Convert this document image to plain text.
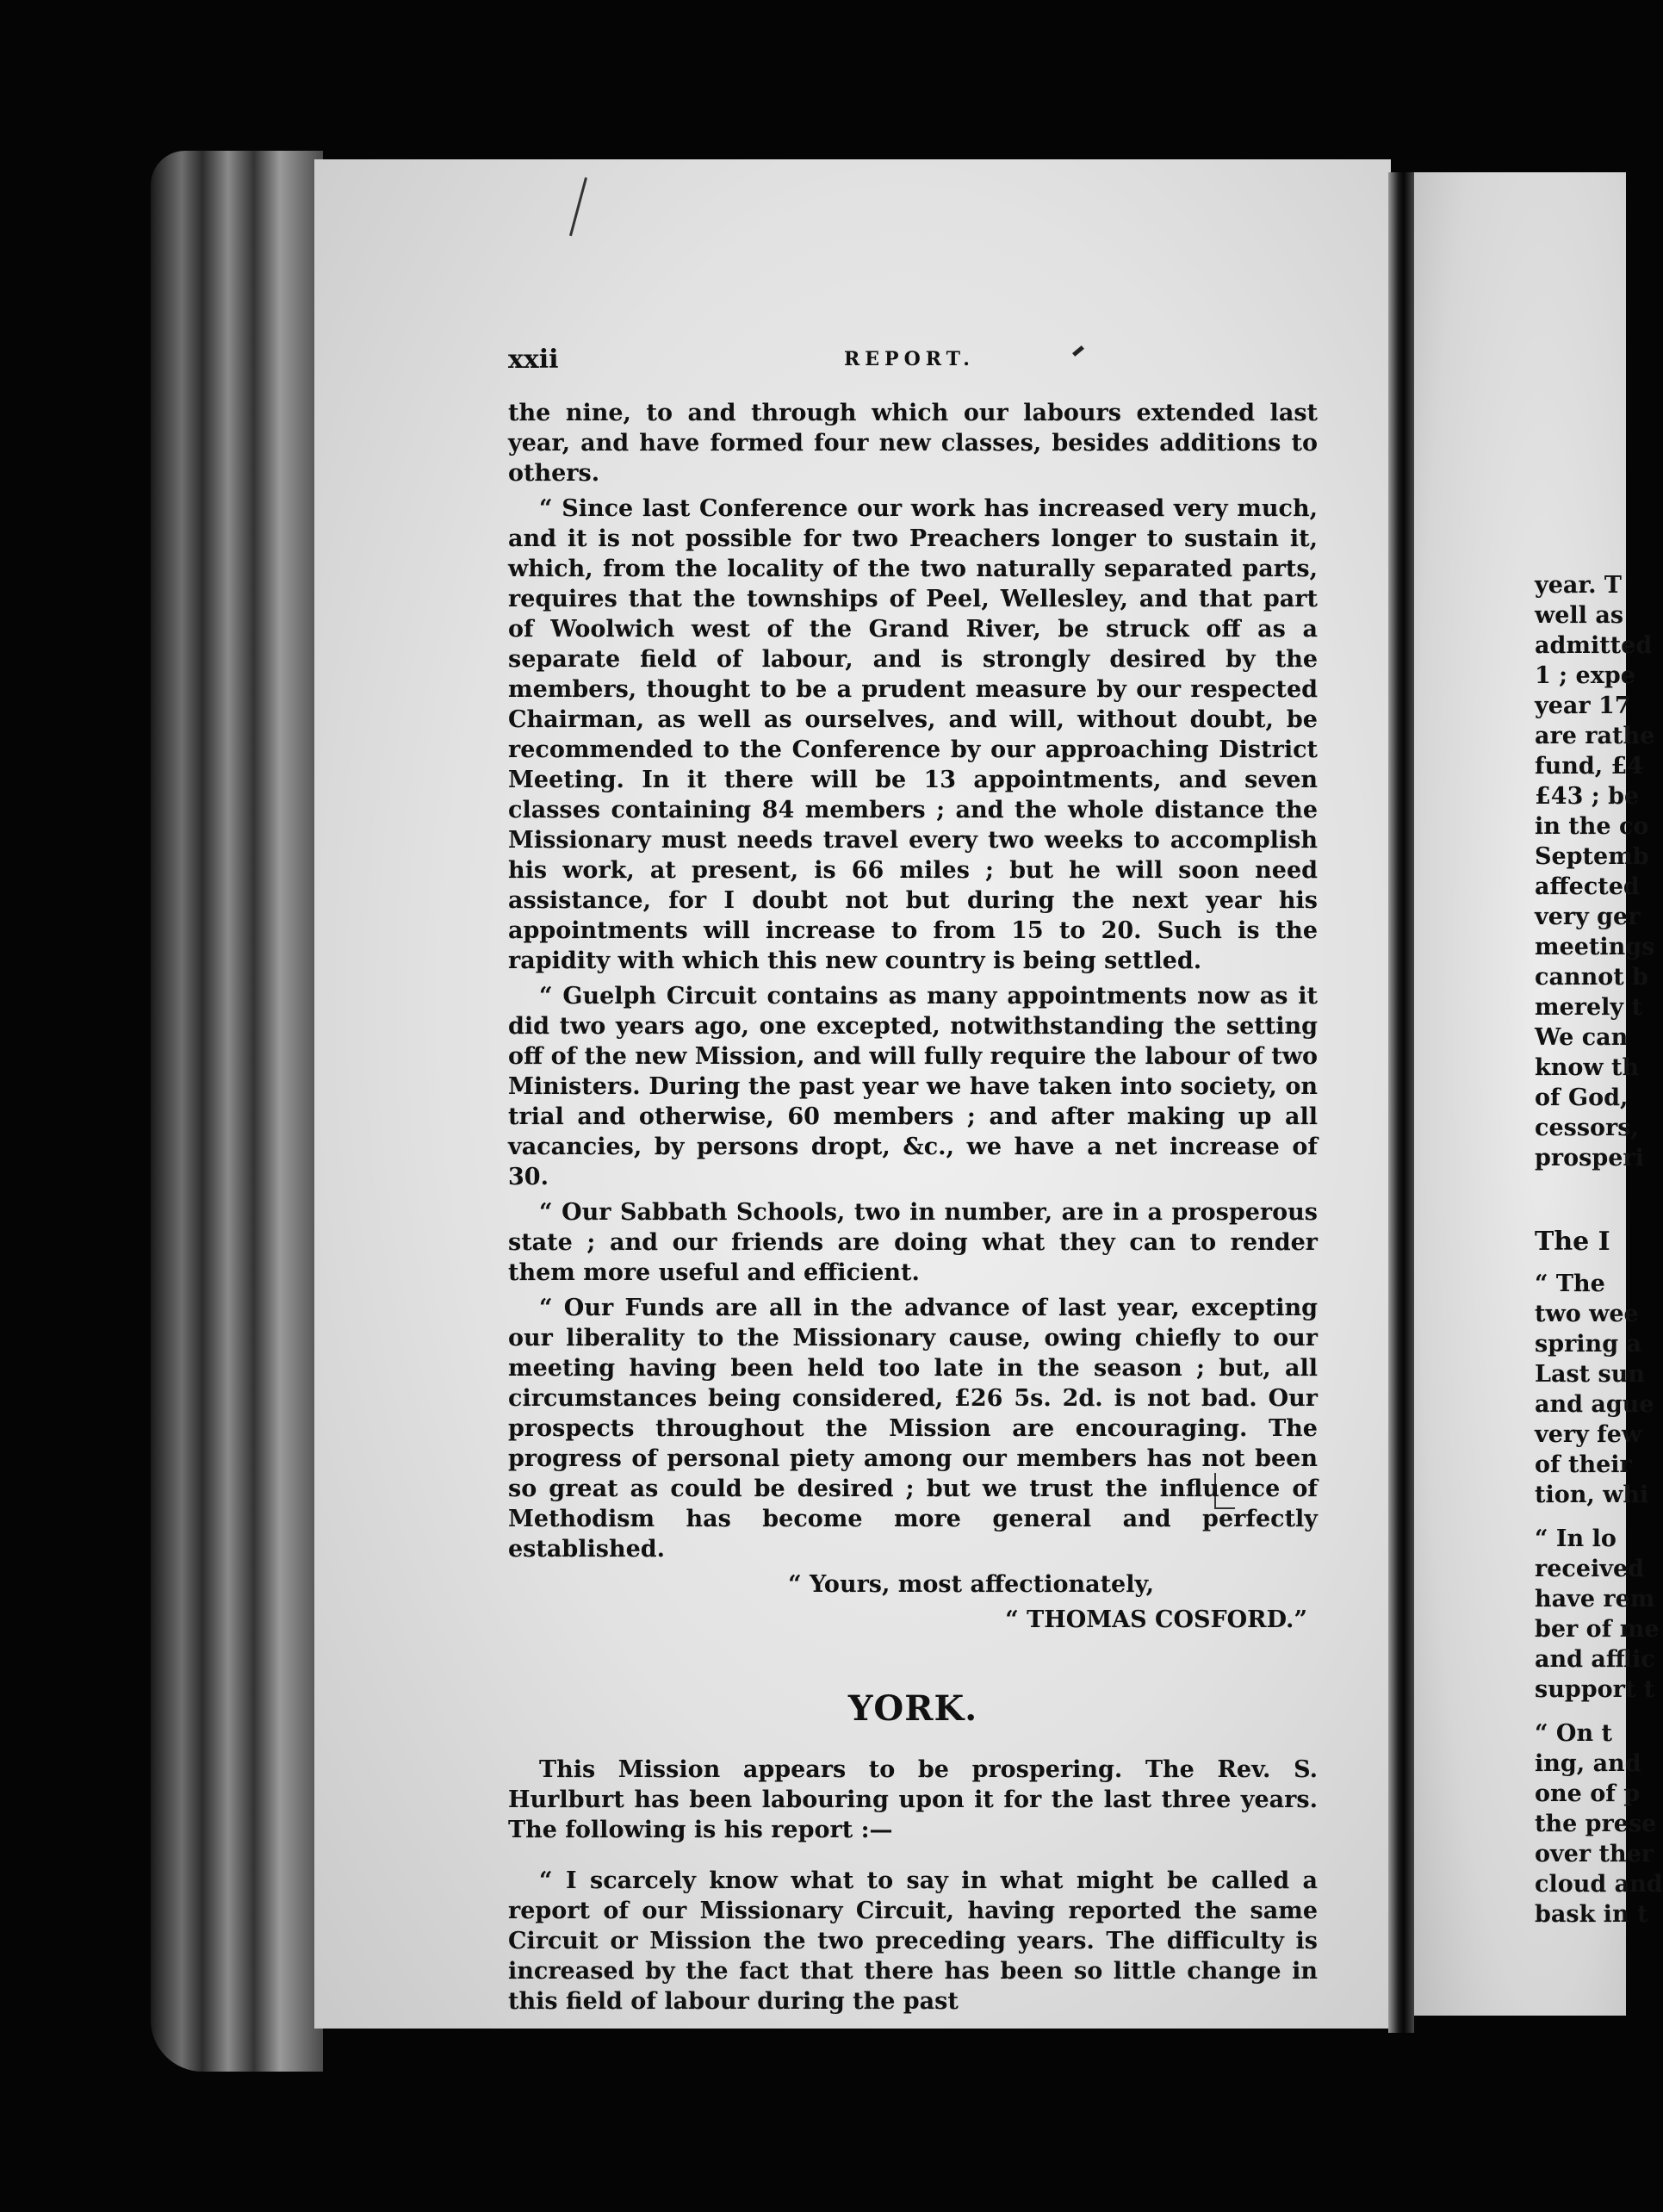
year. T
well as
admitted
1 ; expe
year 17
are rathe
fund, £4
£43 ; be
in the co
Septemb
affected
very ger
meetings
cannot b
merely t
We can
know th
of God,
cessors,
prosperi
The I
“ The
two wee
spring a
Last sun
and ague
very few
of their
tion, whi
“ In lo
received
have rem
ber of me
and afflic
support t
“ On t
ing, and
one of p
the prese
over ther
cloud and
bask in t
xxii	REPORT.

the nine, to and through which our labours extended last year, and have formed four new classes, besides additions to others.

“ Since last Conference our work has increased very much, and it is not possible for two Preachers longer to sustain it, which, from the locality of the two naturally separated parts, requires that the townships of Peel, Wellesley, and that part of Woolwich west of the Grand River, be struck off as a separate field of labour, and is strongly desired by the members, thought to be a prudent measure by our respected Chairman, as well as ourselves, and will, without doubt, be recommended to the Conference by our approaching District Meeting. In it there will be 13 appointments, and seven classes containing 84 members ; and the whole distance the Missionary must needs travel every two weeks to accomplish his work, at present, is 66 miles ; but he will soon need assistance, for I doubt not but during the next year his appointments will increase to from 15 to 20. Such is the rapidity with which this new country is being settled.

“ Guelph Circuit contains as many appointments now as it did two years ago, one excepted, notwithstanding the setting off of the new Mission, and will fully require the labour of two Ministers. During the past year we have taken into society, on trial and otherwise, 60 members ; and after making up all vacancies, by persons dropt, &c., we have a net increase of 30.

“ Our Sabbath Schools, two in number, are in a prosperous state ; and our friends are doing what they can to render them more useful and efficient.

“ Our Funds are all in the advance of last year, excepting our liberality to the Missionary cause, owing chiefly to our meeting having been held too late in the season ; but, all circumstances being considered, £26 5s. 2d. is not bad. Our prospects throughout the Mission are encouraging. The progress of personal piety among our members has not been so great as could be desired ; but we trust the influence of Methodism has become more general and perfectly established.

“ Yours, most affectionately,

“ THOMAS COSFORD.”

YORK.

This Mission appears to be prospering. The Rev. S. Hurlburt has been labouring upon it for the last three years. The following is his report :—

“ I scarcely know what to say in what might be called a report of our Missionary Circuit, having reported the same Circuit or Mission the two preceding years. The difficulty is increased by the fact that there has been so little change in this field of labour during the past
